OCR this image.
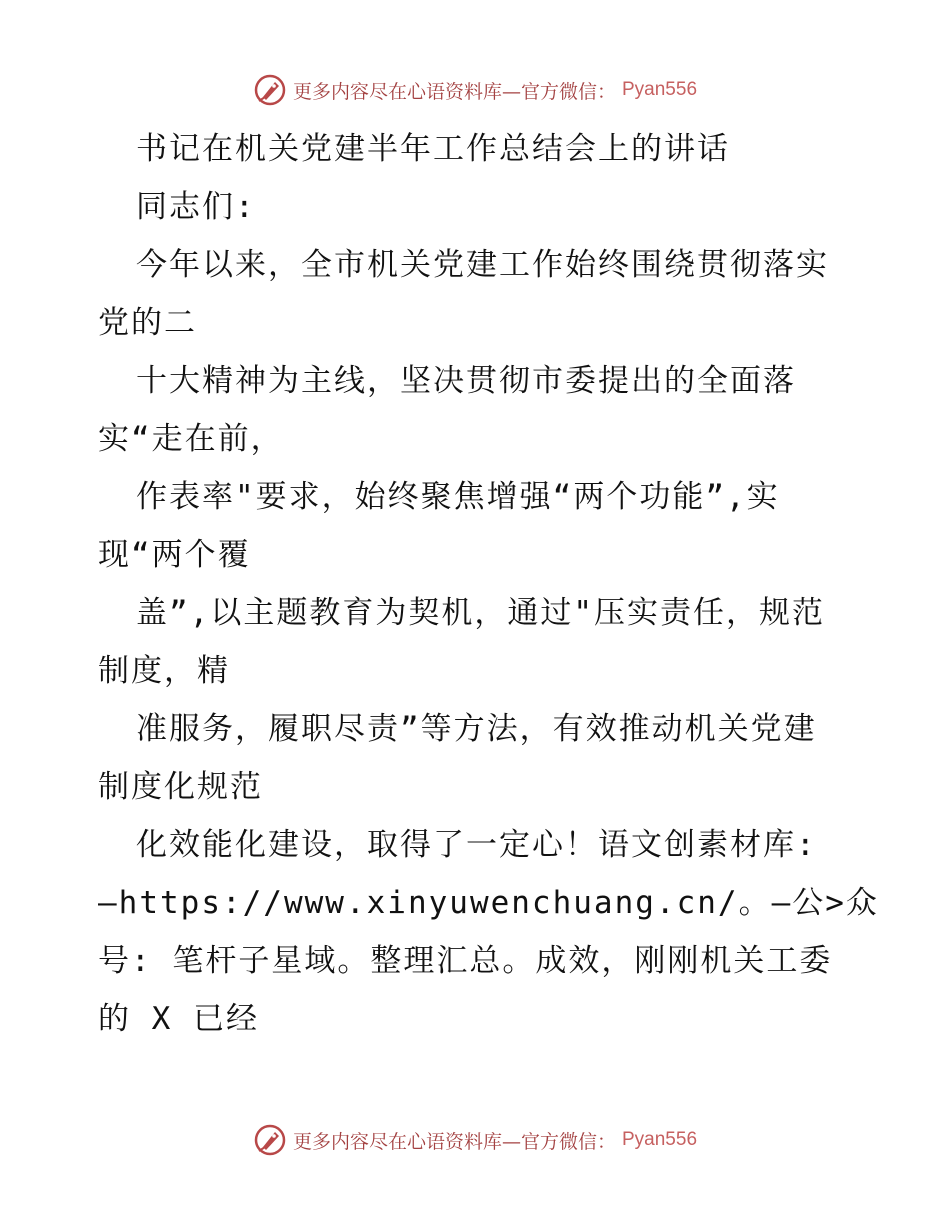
更多内容尽在心语资料库—官方微信： Pyan556
书记在机关党建半年工作总结会上的讲话
同志们:
今年以来，全市机关党建工作始终围绕贯彻落实
党的二
十大精神为主线，坚决贯彻市委提出的全面落
实“走在前，
作表率"要求，始终聚焦增强“两个功能”,实
现“两个覆
盖”,以主题教育为契机，通过"压实责任，规范
制度，精
准服务，履职尽责”等方法，有效推动机关党建
制度化规范
化效能化建设，取得了一定心！语文创素材库:
—https://www.xinyuwenchuang.cn/。—公>众
号: 笔杆子星域。整理汇总。成效，刚刚机关工委
的 X 已经
更多内容尽在心语资料库—官方微信： Pyan556
